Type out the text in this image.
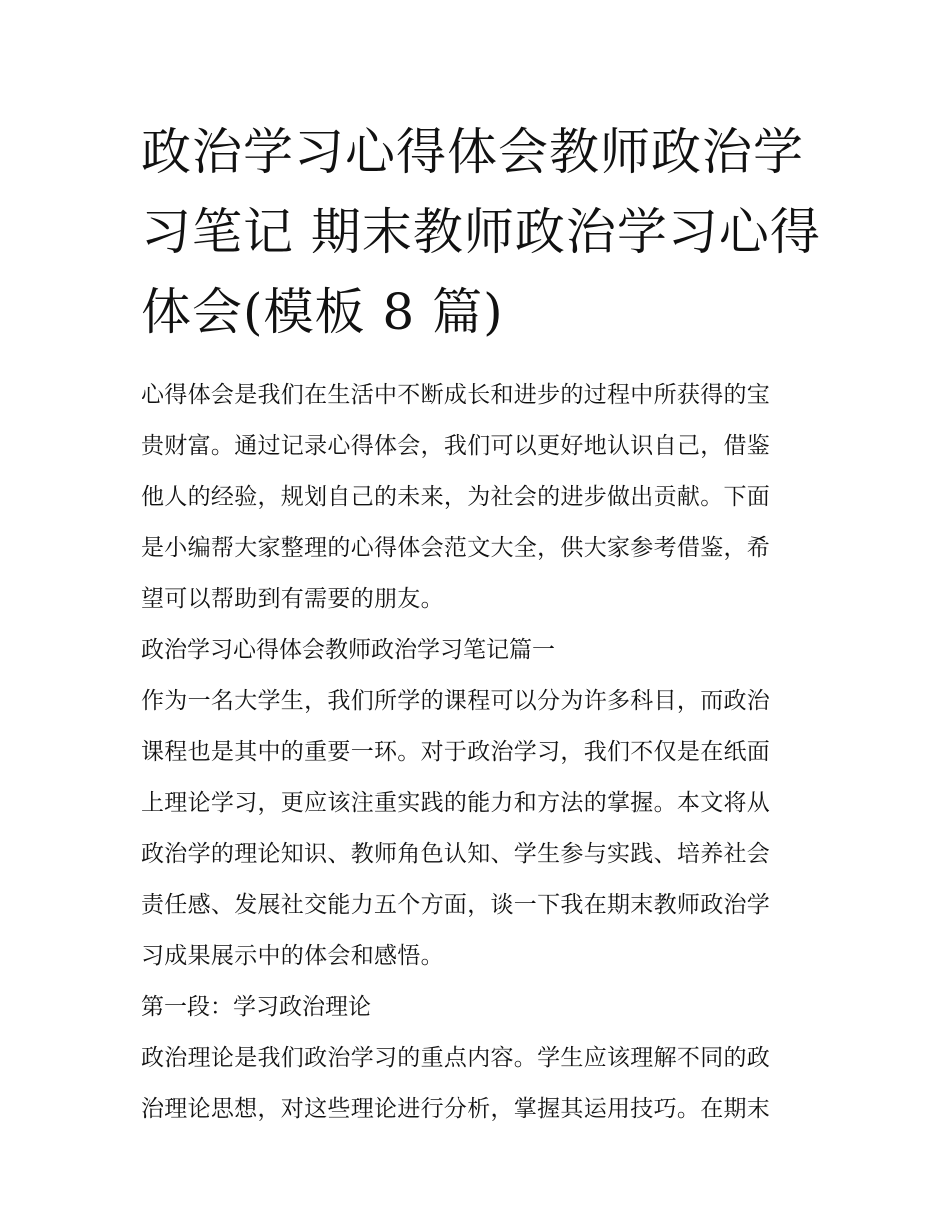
政治学习心得体会教师政治学
习笔记 期末教师政治学习心得
体会(模板 8 篇)

心得体会是我们在生活中不断成长和进步的过程中所获得的宝
贵财富。通过记录心得体会，我们可以更好地认识自己，借鉴
他人的经验，规划自己的未来，为社会的进步做出贡献。下面
是小编帮大家整理的心得体会范文大全，供大家参考借鉴，希
望可以帮助到有需要的朋友。

政治学习心得体会教师政治学习笔记篇一

作为一名大学生，我们所学的课程可以分为许多科目，而政治
课程也是其中的重要一环。对于政治学习，我们不仅是在纸面
上理论学习，更应该注重实践的能力和方法的掌握。本文将从
政治学的理论知识、教师角色认知、学生参与实践、培养社会
责任感、发展社交能力五个方面，谈一下我在期末教师政治学
习成果展示中的体会和感悟。

第一段：学习政治理论

政治理论是我们政治学习的重点内容。学生应该理解不同的政
治理论思想，对这些理论进行分析，掌握其运用技巧。在期末
